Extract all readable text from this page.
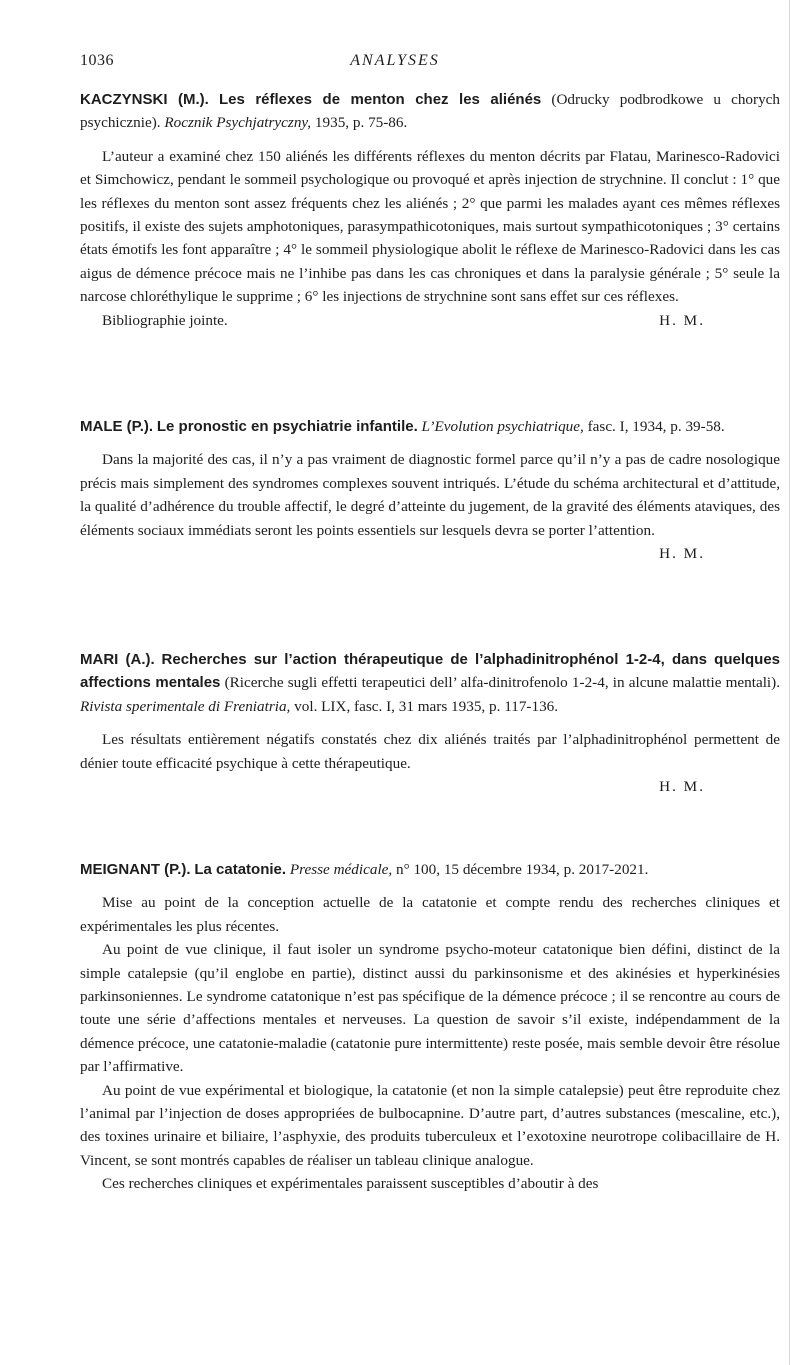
1036	ANALYSES

KACZYNSKI (M.). Les réflexes de menton chez les aliénés (Odrucky podbrodkowe u chorych psychicznie). Rocznik Psychjatryczny, 1935, p. 75-86.

L’auteur a examiné chez 150 aliénés les différents réflexes du menton décrits par Flatau, Marinesco-Radovici et Simchowicz, pendant le sommeil psychologique ou provoqué et après injection de strychnine. Il conclut : 1° que les réflexes du menton sont assez fréquents chez les aliénés ; 2° que parmi les malades ayant ces mêmes réflexes positifs, il existe des sujets amphotoniques, parasympathicotoniques, mais surtout sympathicotoniques ; 3° certains états émotifs les font apparaître ; 4° le sommeil physiologique abolit le réflexe de Marinesco-Radovici dans les cas aigus de démence précoce mais ne l’inhibe pas dans les cas chroniques et dans la paralysie générale ; 5° seule la narcose chloréthylique le supprime ; 6° les injections de strychnine sont sans effet sur ces réflexes.

Bibliographie jointe.	H. M.

MALE (P.). Le pronostic en psychiatrie infantile. L’Evolution psychiatrique, fasc. I, 1934, p. 39-58.

Dans la majorité des cas, il n’y a pas vraiment de diagnostic formel parce qu’il n’y a pas de cadre nosologique précis mais simplement des syndromes complexes souvent intriqués. L’étude du schéma architectural et d’attitude, la qualité d’adhérence du trouble affectif, le degré d’atteinte du jugement, de la gravité des éléments ataviques, des éléments sociaux immédiats seront les points essentiels sur lesquels devra se porter l’attention.

H. M.

MARI (A.). Recherches sur l’action thérapeutique de l’alphadinitrophénol 1-2-4, dans quelques affections mentales (Ricerche sugli effetti terapeutici dell’ alfa-dinitrofenolo 1-2-4, in alcune malattie mentali). Rivista sperimentale di Freniatria, vol. LIX, fasc. I, 31 mars 1935, p. 117-136.

Les résultats entièrement négatifs constatés chez dix aliénés traités par l’alphadinitrophénol permettent de dénier toute efficacité psychique à cette thérapeutique.

H. M.

MEIGNANT (P.). La catatonie. Presse médicale, n° 100, 15 décembre 1934, p. 2017-2021.

Mise au point de la conception actuelle de la catatonie et compte rendu des recherches cliniques et expérimentales les plus récentes.

Au point de vue clinique, il faut isoler un syndrome psycho-moteur catatonique bien défini, distinct de la simple catalepsie (qu’il englobe en partie), distinct aussi du parkinsonisme et des akinésies et hyperkinésies parkinsoniennes. Le syndrome catatonique n’est pas spécifique de la démence précoce ; il se rencontre au cours de toute une série d’affections mentales et nerveuses. La question de savoir s’il existe, indépendamment de la démence précoce, une catatonie-maladie (catatonie pure intermittente) reste posée, mais semble devoir être résolue par l’affirmative.

Au point de vue expérimental et biologique, la catatonie (et non la simple catalepsie) peut être reproduite chez l’animal par l’injection de doses appropriées de bulbocapnine. D’autre part, d’autres substances (mescaline, etc.), des toxines urinaire et biliaire, l’asphyxie, des produits tuberculeux et l’exotoxine neurotrope colibacillaire de H. Vincent, se sont montrés capables de réaliser un tableau clinique analogue.

Ces recherches cliniques et expérimentales paraissent susceptibles d’aboutir à des
